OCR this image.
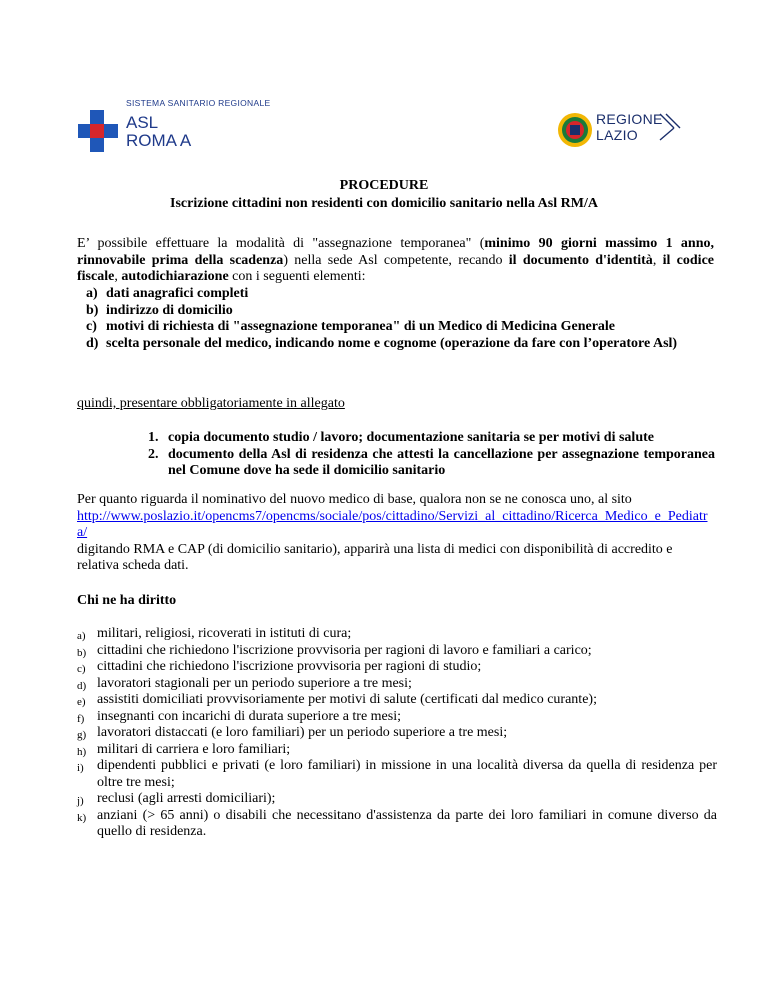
SISTEMA SANITARIO REGIONALE
ASL
ROMA A
REGIONE
LAZIO
PROCEDURE
Iscrizione cittadini non residenti con domicilio sanitario nella Asl RM/A
E’ possibile effettuare la modalità di "assegnazione temporanea" (minimo 90 giorni massimo 1 anno, rinnovabile prima della scadenza) nella sede Asl competente, recando il documento d'identità, il codice fiscale, autodichiarazione con i seguenti elementi:
a) dati anagrafici completi
b) indirizzo di domicilio
c) motivi di richiesta di "assegnazione temporanea" di un Medico di Medicina Generale
d) scelta personale del medico, indicando nome e cognome (operazione da fare con l’operatore Asl)
quindi, presentare obbligatoriamente in allegato
1. copia documento studio / lavoro; documentazione sanitaria se per motivi di salute
2. documento della Asl di residenza che attesti la cancellazione per assegnazione temporanea nel Comune dove ha sede il domicilio sanitario
Per quanto riguarda il nominativo del nuovo medico di base, qualora non se ne conosca uno, al sito
http://www.poslazio.it/opencms7/opencms/sociale/pos/cittadino/Servizi_al_cittadino/Ricerca_Medico_e_Pediatra/
digitando RMA e CAP (di domicilio sanitario), apparirà una lista di medici con disponibilità di accredito e relativa scheda dati.
Chi ne ha diritto
a) militari, religiosi, ricoverati in istituti di cura;
b) cittadini che richiedono l'iscrizione provvisoria per ragioni di lavoro e familiari a carico;
c) cittadini che richiedono l'iscrizione provvisoria per ragioni di studio;
d) lavoratori stagionali per un periodo superiore a tre mesi;
e) assistiti domiciliati provvisoriamente per motivi di salute (certificati dal medico curante);
f) insegnanti con incarichi di durata superiore a tre mesi;
g) lavoratori distaccati (e loro familiari) per un periodo superiore a tre mesi;
h) militari di carriera e loro familiari;
i) dipendenti pubblici e privati (e loro familiari) in missione in una località diversa da quella di residenza per oltre tre mesi;
j) reclusi (agli arresti domiciliari);
k) anziani (> 65 anni) o disabili che necessitano d'assistenza da parte dei loro familiari in comune diverso da quello di residenza.
